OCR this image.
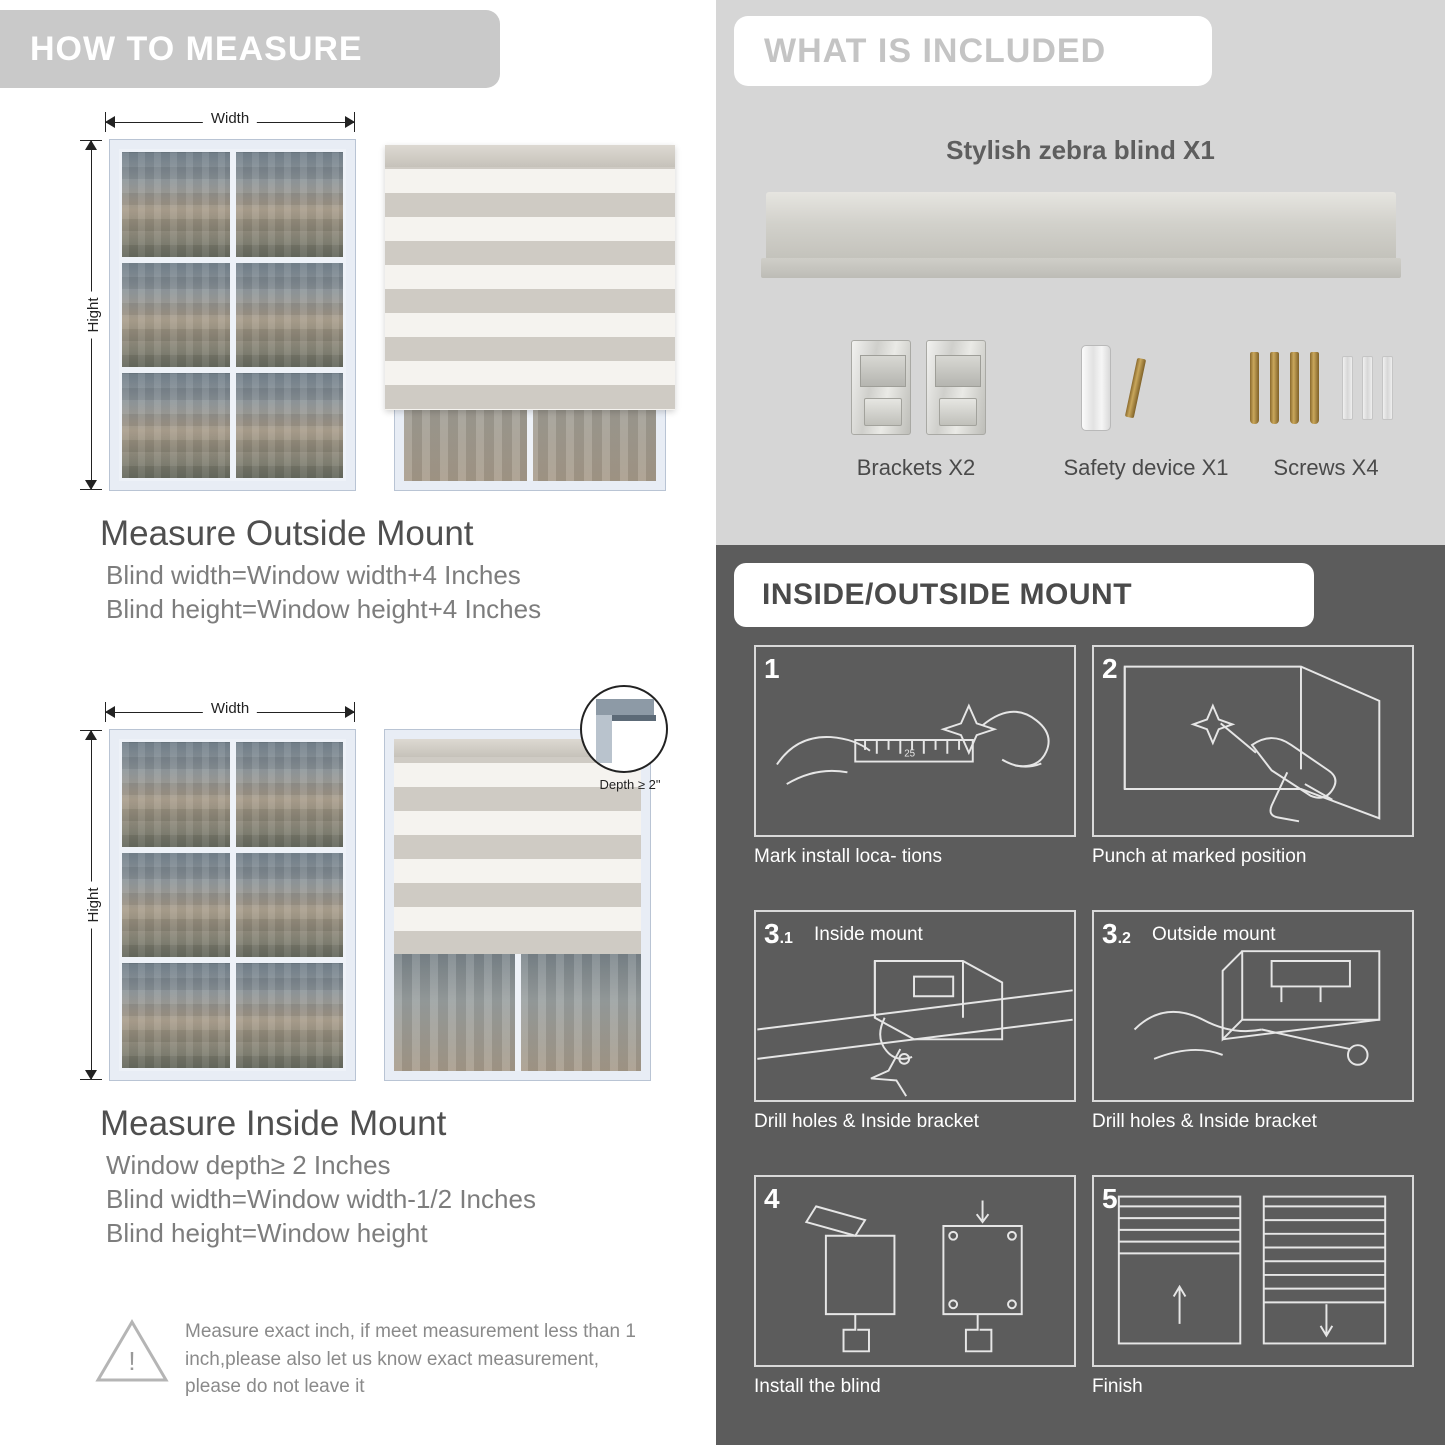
HOW TO MEASURE
Width
Hight
Measure Outside Mount
Blind width=Window width+4 Inches
Blind height=Window height+4 Inches
Width
Hight
Depth ≥ 2"
Measure Inside Mount
Window depth≥ 2 Inches
Blind width=Window width-1/2 Inches
Blind height=Window height
!
Measure exact inch, if meet measurement less than 1 inch,please also let us know exact measurement, please do not leave it
WHAT IS INCLUDED
Stylish zebra blind X1
Brackets X2	Safety device X1	Screws X4
INSIDE/OUTSIDE MOUNT
25
1
Mark install loca- tions
2
Punch at marked position
3.1 Inside mount
Drill holes & Inside bracket
3.2 Outside mount
Drill holes & Inside bracket
4
Install the blind
5
Finish
